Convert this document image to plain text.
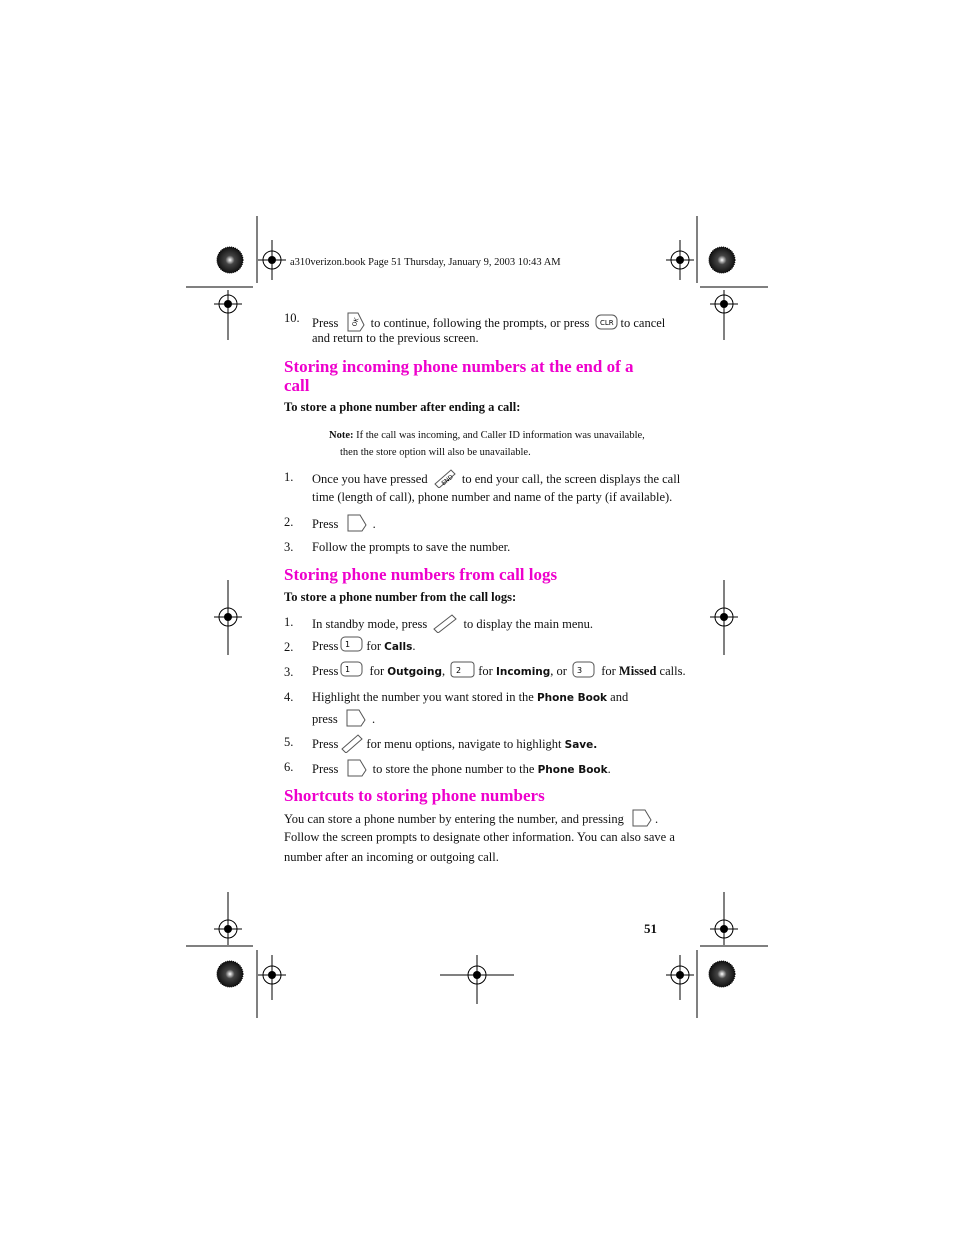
a310verizon.book Page 51 Thursday, January 9, 2003 10:43 AM
10. Press OK to continue, following the prompts, or press CLR to cancel
and return to the previous screen.
Storing incoming phone numbers at the end of a
call
To store a phone number after ending a call:
Note: If the call was incoming, and Caller ID information was unavailable,
then the store option will also be unavailable.
1. Once you have pressed END to end your call, the screen displays the call
time (length of call), phone number and name of the party (if available).
2. Press	.
3. Follow the prompts to save the number.
Storing phone numbers from call logs
To store a phone number from the call logs:
1. In standby mode, press	to display the main menu.
2. Press 1 for Calls.
3. Press 1 for Outgoing, 2 for Incoming, or 3 for Missed calls.
4. Highlight the number you want stored in the Phone Book and
press	.
5. Press for menu options, navigate to highlight Save.
6. Press	to store the phone number to the Phone Book.
Shortcuts to storing phone numbers
You can store a phone number by entering the number, and pressing .
Follow the screen prompts to designate other information. You can also save a
number after an incoming or outgoing call.
51
